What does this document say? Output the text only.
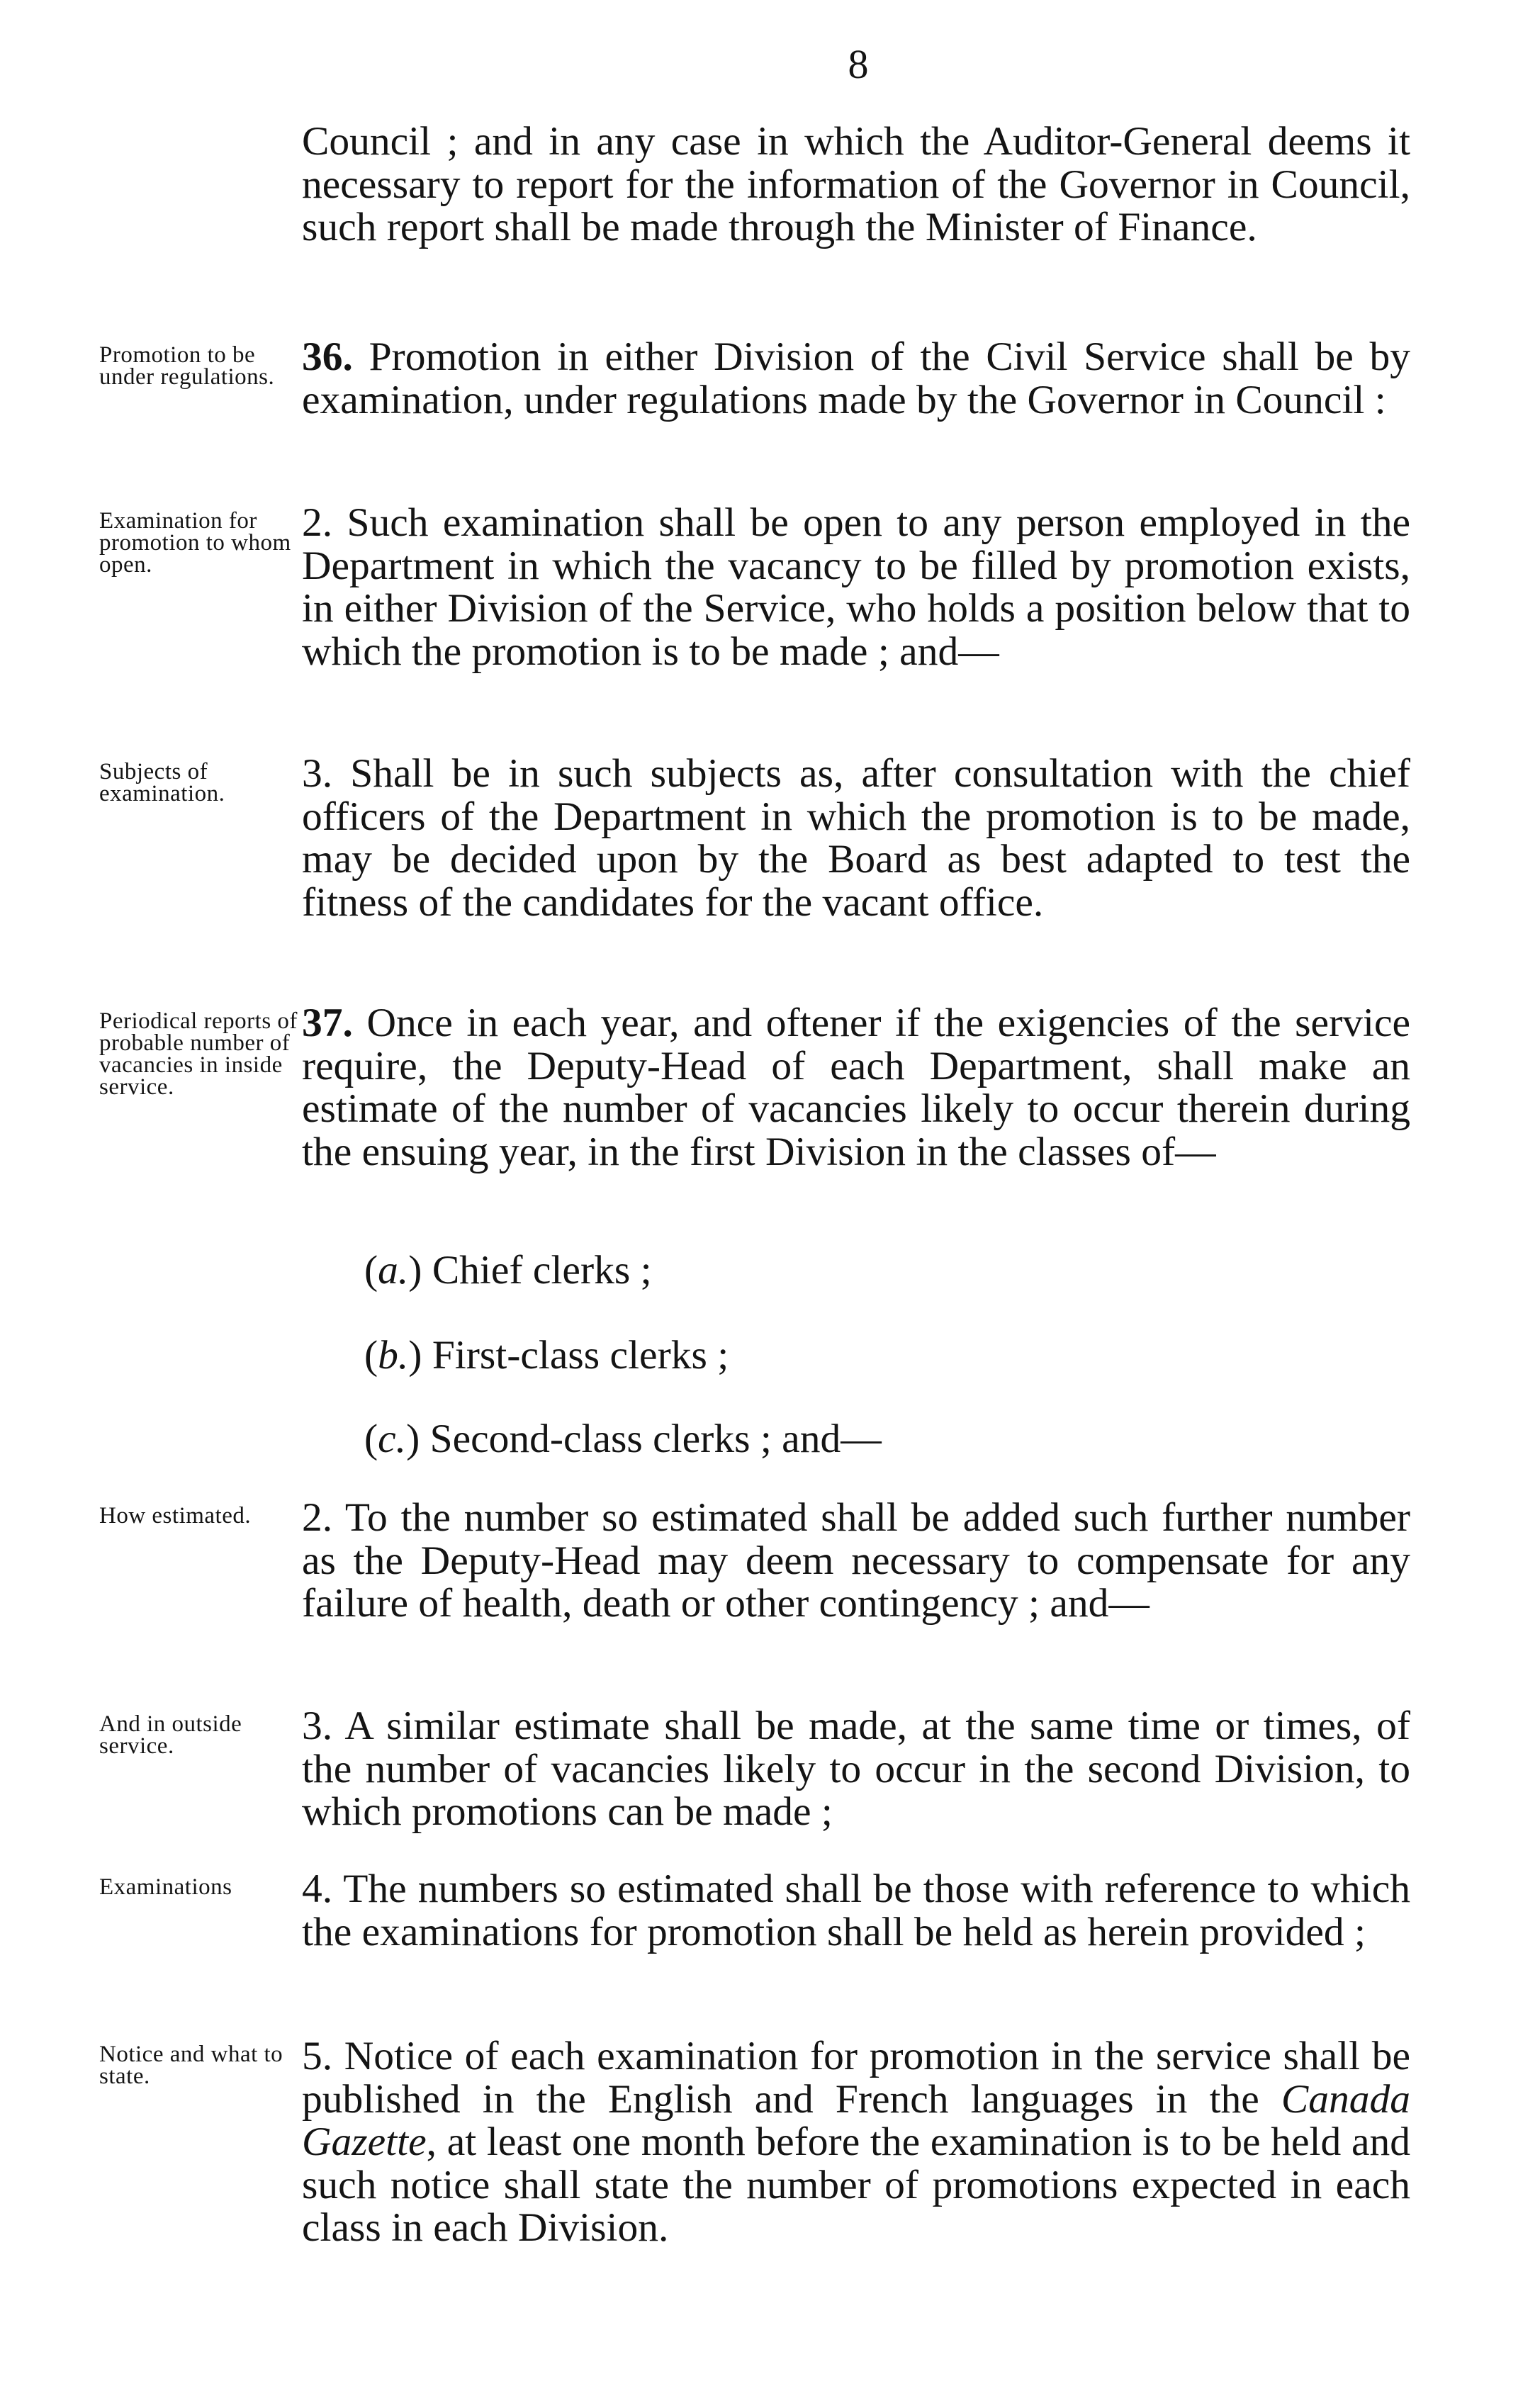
8
Council ; and in any case in which the Auditor-General deems it necessary to report for the information of the Governor in Council, such report shall be made through the Minister of Finance.
Promotion to be under regulations. 36. Promotion in either Division of the Civil Service shall be by examination, under regulations made by the Governor in Council :
Examination for promotion to whom open.
2. Such examination shall be open to any person employed in the Department in which the vacancy to be filled by promotion exists, in either Division of the Service, who holds a position below that to which the promotion is to be made ; and—
Subjects of examination.	3. Shall be in such subjects as, after consultation with the chief officers of the Department in which the promotion is to be made, may be decided upon by the Board as best adapted to test the fitness of the candidates for the vacant office.
Periodical reports of probable number of vacancies in inside service.
37. Once in each year, and oftener if the exigencies of the service require, the Deputy-Head of each Department, shall make an estimate of the number of vacancies likely to occur therein during the ensuing year, in the first Division in the classes of—
(a.) Chief clerks ;
(b.) First-class clerks ;
(c.) Second-class clerks ; and—
How estimated.	2. To the number so estimated shall be added such further number as the Deputy-Head may deem necessary to compensate for any failure of health, death or other contingency ; and—
And in outside service.	3. A similar estimate shall be made, at the same time or times, of the number of vacancies likely to occur in the second Division, to which promotions can be made ;
Examinations	4. The numbers so estimated shall be those with reference to which the examinations for promotion shall be held as herein provided ;
Notice and what to state.	5. Notice of each examination for promotion in the service shall be published in the English and French languages in the Canada Gazette, at least one month before the examination is to be held and such notice shall state the number of promotions expected in each class in each Division.
